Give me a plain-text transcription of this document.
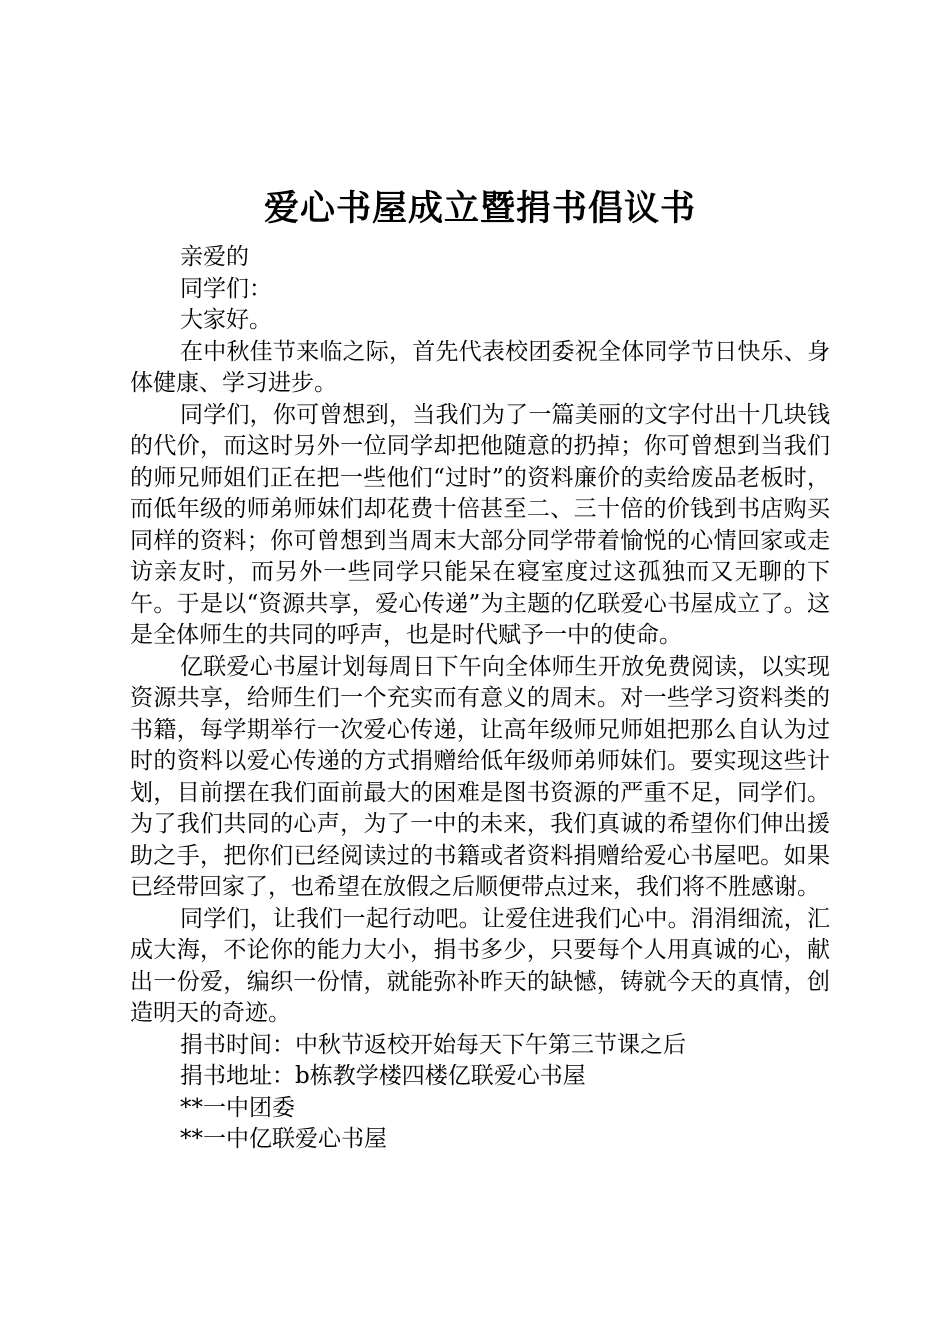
爱心书屋成立暨捐书倡议书

亲爱的

同学们：

大家好。

在中秋佳节来临之际，首先代表校团委祝全体同学节日快乐、身体健康、学习进步。

同学们，你可曾想到，当我们为了一篇美丽的文字付出十几块钱的代价，而这时另外一位同学却把他随意的扔掉；你可曾想到当我们的师兄师姐们正在把一些他们“过时”的资料廉价的卖给废品老板时，而低年级的师弟师妹们却花费十倍甚至二、三十倍的价钱到书店购买同样的资料；你可曾想到当周末大部分同学带着愉悦的心情回家或走访亲友时，而另外一些同学只能呆在寝室度过这孤独而又无聊的下午。于是以“资源共享，爱心传递”为主题的亿联爱心书屋成立了。这是全体师生的共同的呼声，也是时代赋予一中的使命。

亿联爱心书屋计划每周日下午向全体师生开放免费阅读，以实现资源共享，给师生们一个充实而有意义的周末。对一些学习资料类的书籍，每学期举行一次爱心传递，让高年级师兄师姐把那么自认为过时的资料以爱心传递的方式捐赠给低年级师弟师妹们。要实现这些计划，目前摆在我们面前最大的困难是图书资源的严重不足，同学们。为了我们共同的心声，为了一中的未来，我们真诚的希望你们伸出援助之手，把你们已经阅读过的书籍或者资料捐赠给爱心书屋吧。如果已经带回家了，也希望在放假之后顺便带点过来，我们将不胜感谢。

同学们，让我们一起行动吧。让爱住进我们心中。涓涓细流，汇成大海，不论你的能力大小，捐书多少，只要每个人用真诚的心，献出一份爱，编织一份情，就能弥补昨天的缺憾，铸就今天的真情，创造明天的奇迹。

捐书时间：中秋节返校开始每天下午第三节课之后

捐书地址：b栋教学楼四楼亿联爱心书屋

**一中团委

**一中亿联爱心书屋
